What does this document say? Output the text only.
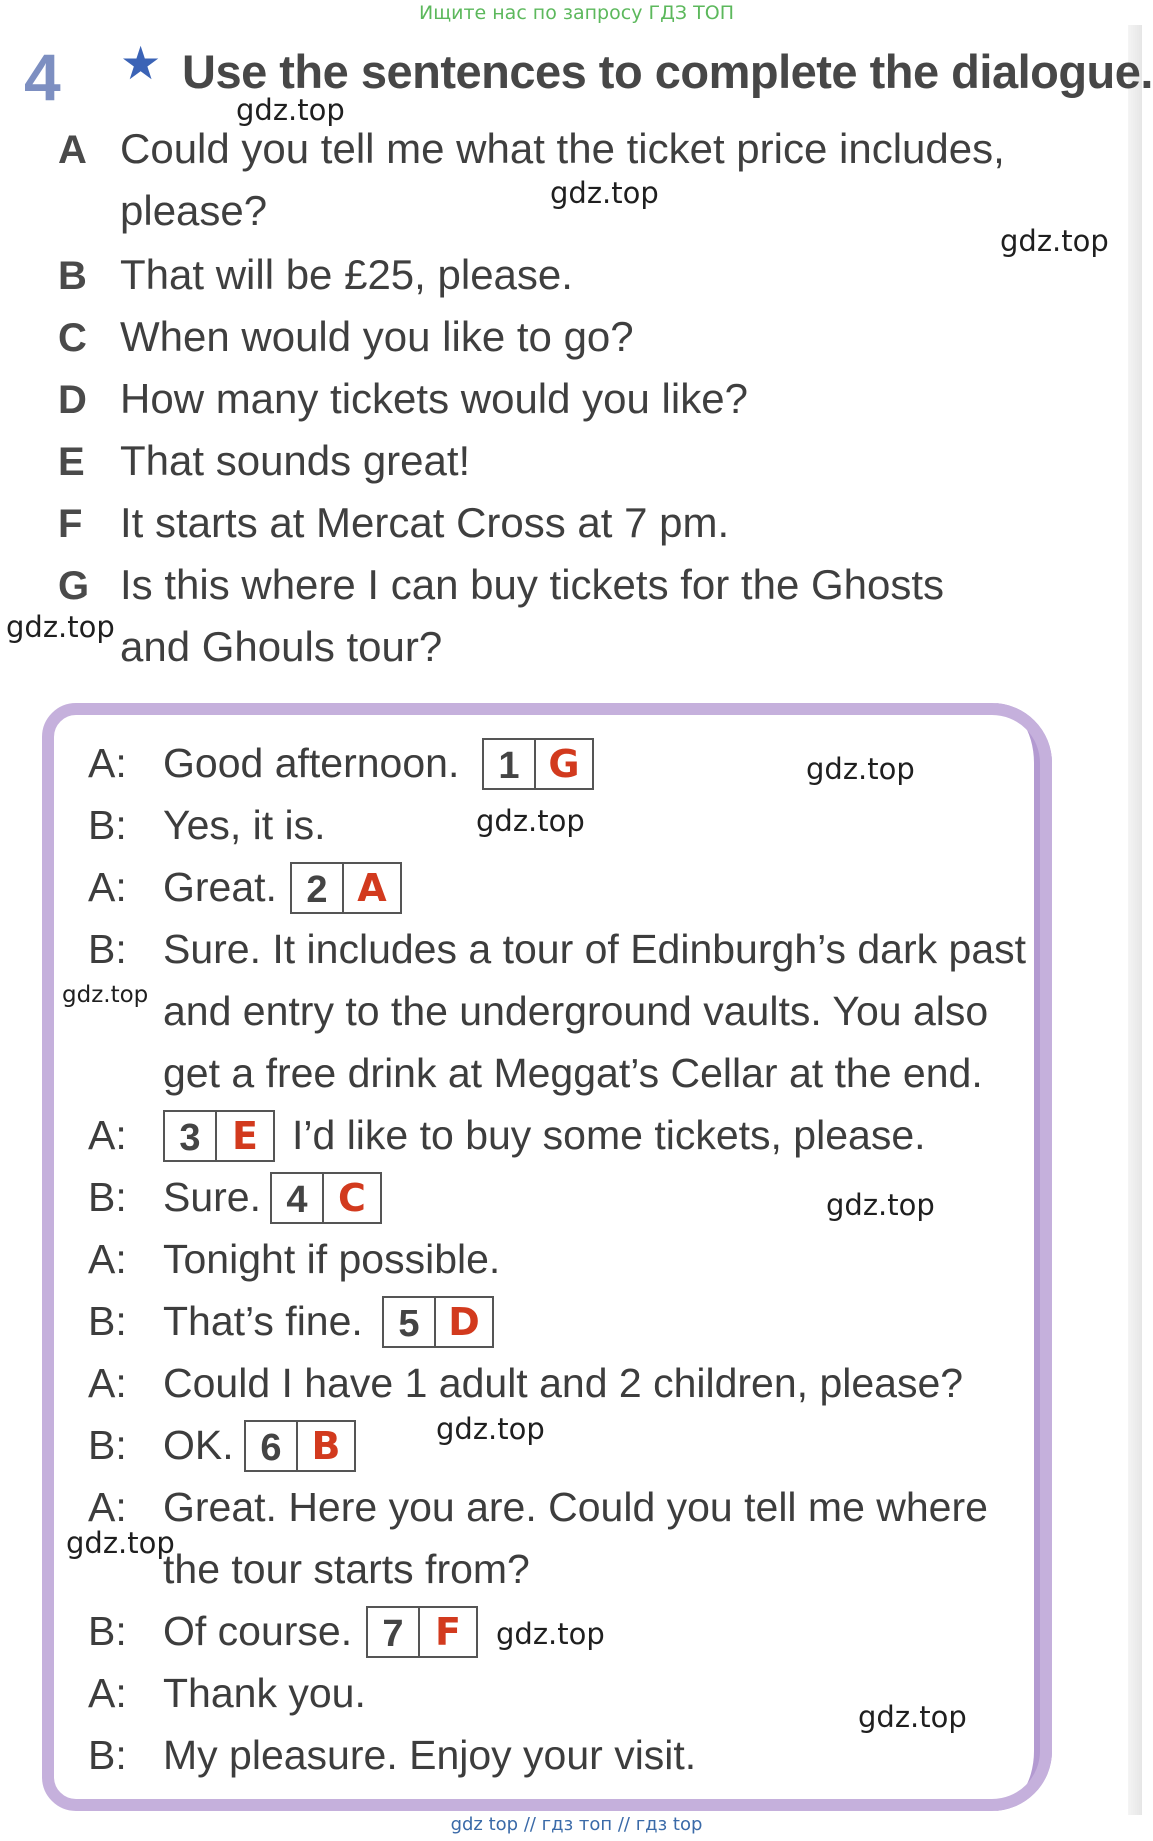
Ищите нас по запросу ГДЗ ТОП
4 ★ Use the sentences to complete the dialogue.
A Could you tell me what the ticket price includes, please?
B That will be £25, please.
C When would you like to go?
D How many tickets would you like?
E That sounds great!
F It starts at Mercat Cross at 7 pm.
G Is this where I can buy tickets for the Ghosts and Ghouls tour?
A: Good afternoon.	1 G
B: Yes, it is.
A: Great. 2 A
B: Sure. It includes a tour of Edinburgh’s dark past
and entry to the underground vaults. You also
get a free drink at Meggat’s Cellar at the end.
A:	I’d like to buy some tickets, please.
3 E
B: Sure. 4 C
A: Tonight if possible.
B: That’s fine. 5 D
A: Could I have 1 adult and 2 children, please?
B: OK. 6 B
A: Great. Here you are. Could you tell me where
the tour starts from?
B: Of course. 7 F
A: Thank you.
B: My pleasure. Enjoy your visit.
gdz.top
gdz.top
gdz.top
gdz.top
gdz.top
gdz.top
gdz.top
gdz.top
gdz.top
gdz.top
gdz.top
gdz.top
gdz top // гдз топ // гдз top
